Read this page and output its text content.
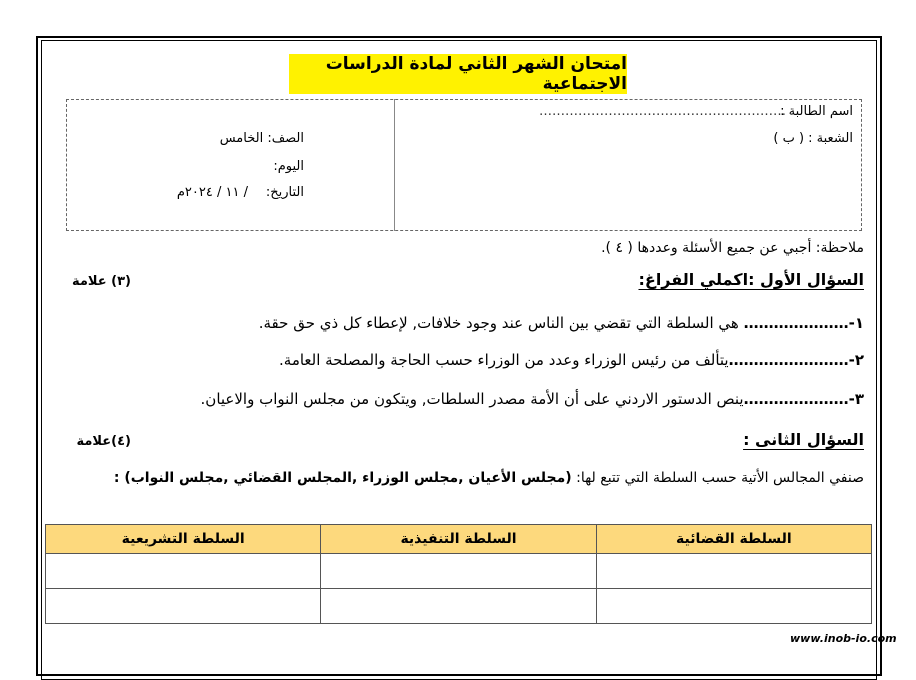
امتحان الشهر الثاني لمادة الدراسات الاجتماعية
اسم الطالبة :
…………………………………………………
الشعبة : ( ب )
الصف: الخامس
اليوم:
التاريخ:
/ ١١ / ٢٠٢٤م
ملاحظة: أجبي عن جميع الأسئلة وعددها ( ٤ ).
السؤال الأول :اكملي الفراغ:
(٣) علامة
١-………………… هي السلطة التي تقضي بين الناس عند وجود خلافات, لإعطاء كل ذي حق حقة.
٢-……………………يتألف من رئيس الوزراء وعدد من الوزراء حسب الحاجة والمصلحة العامة.
٣-…………………ينص الدستور الاردني على أن الأمة مصدر السلطات, ويتكون من مجلس النواب والاعيان.
السؤال الثانى :
(٤)علامة
صنفي المجالس الأتية حسب السلطة التي تتبع لها: (مجلس الأعيان ,مجلس الوزراء ,المجلس القضائي ,مجلس النواب) :
السلطة القضائية	السلطة التنفيذية	السلطة التشريعية

www.inob-io.com
